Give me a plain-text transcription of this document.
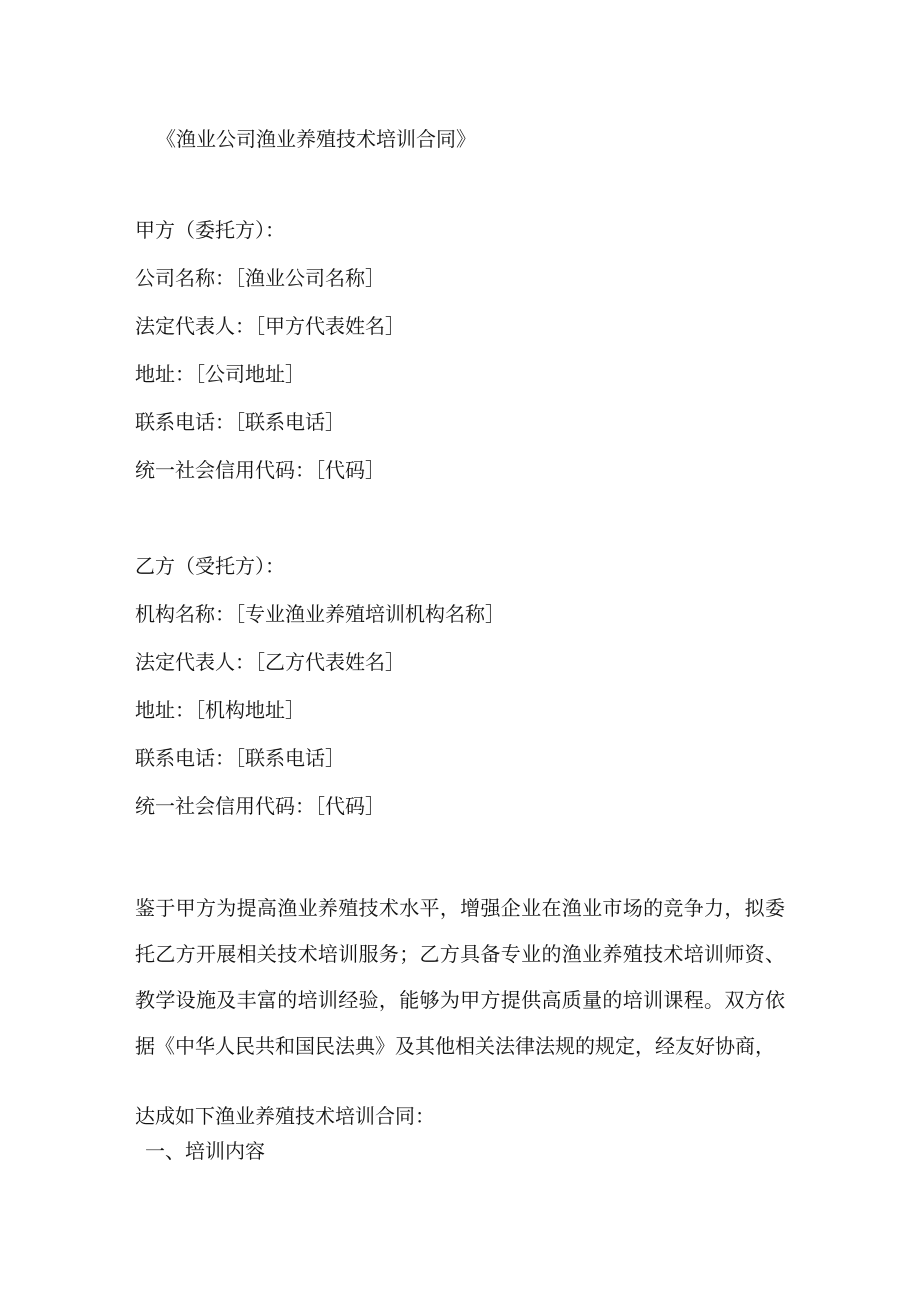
《渔业公司渔业养殖技术培训合同》
甲方（委托方）：
公司名称：［渔业公司名称］
法定代表人：［甲方代表姓名］
地址：［公司地址］
联系电话：［联系电话］
统一社会信用代码：［代码］
乙方（受托方）：
机构名称：［专业渔业养殖培训机构名称］
法定代表人：［乙方代表姓名］
地址：［机构地址］
联系电话：［联系电话］
统一社会信用代码：［代码］
鉴于甲方为提高渔业养殖技术水平，增强企业在渔业市场的竞争力，拟委托乙方开展相关技术培训服务；乙方具备专业的渔业养殖技术培训师资、教学设施及丰富的培训经验，能够为甲方提供高质量的培训课程。双方依据《中华人民共和国民法典》及其他相关法律法规的规定，经友好协商，
达成如下渔业养殖技术培训合同：
一、培训内容
